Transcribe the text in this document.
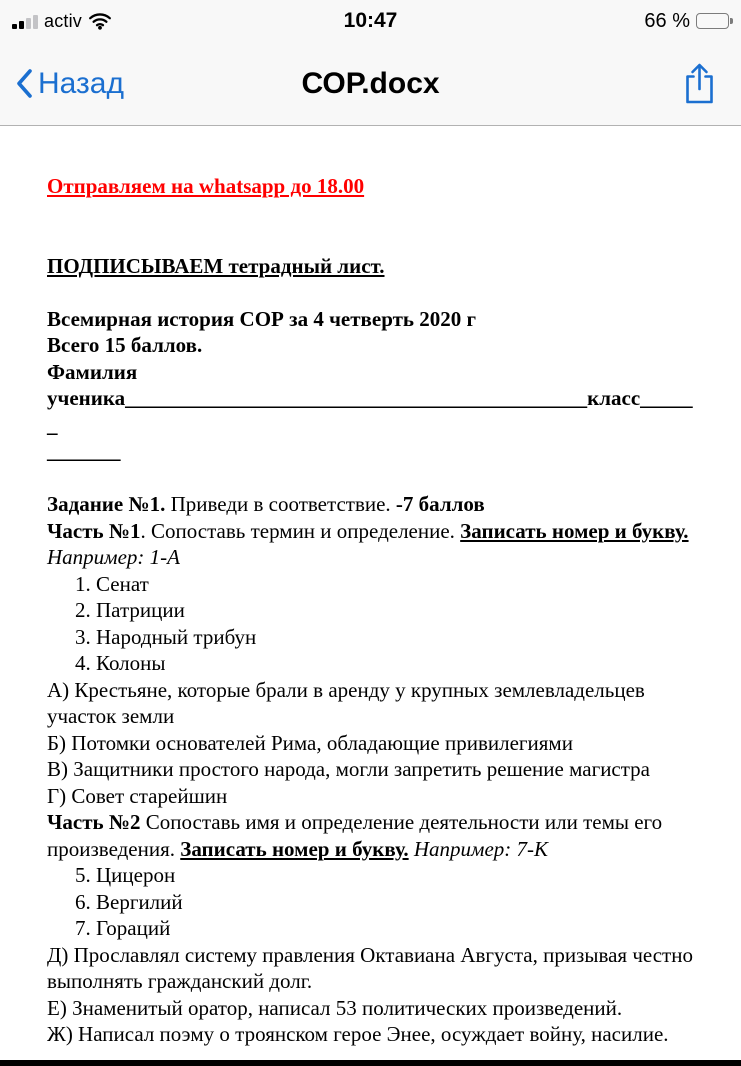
activ	10:47	66 %
Назад	СОР.docx

Отправляем на whatsapp до 18.00

ПОДПИСЫВАЕМ тетрадный лист.

Всемирная история СОР за 4 четверть 2020 г

Всего 15 баллов.

Фамилия

ученика____________________________________________класс______

_______

Задание №1. Приведи в соответствие. -7 баллов

Часть №1. Сопоставь термин и определение. Записать номер и букву. Например: 1-А

1. Сенат

2. Патриции

3. Народный трибун

4. Колоны

А) Крестьяне, которые брали в аренду у крупных землевладельцев участок земли

Б) Потомки основателей Рима, обладающие привилегиями

В) Защитники простого народа, могли запретить решение магистра

Г) Совет старейшин

Часть №2 Сопоставь имя и определение деятельности или темы его произведения. Записать номер и букву. Например: 7-К

5. Цицерон

6. Вергилий

7. Гораций

Д) Прославлял систему правления Октавиана Августа, призывая честно выполнять гражданский долг.

Е) Знаменитый оратор, написал 53 политических произведений.

Ж) Написал поэму о троянском герое Энее, осуждает войну, насилие.
